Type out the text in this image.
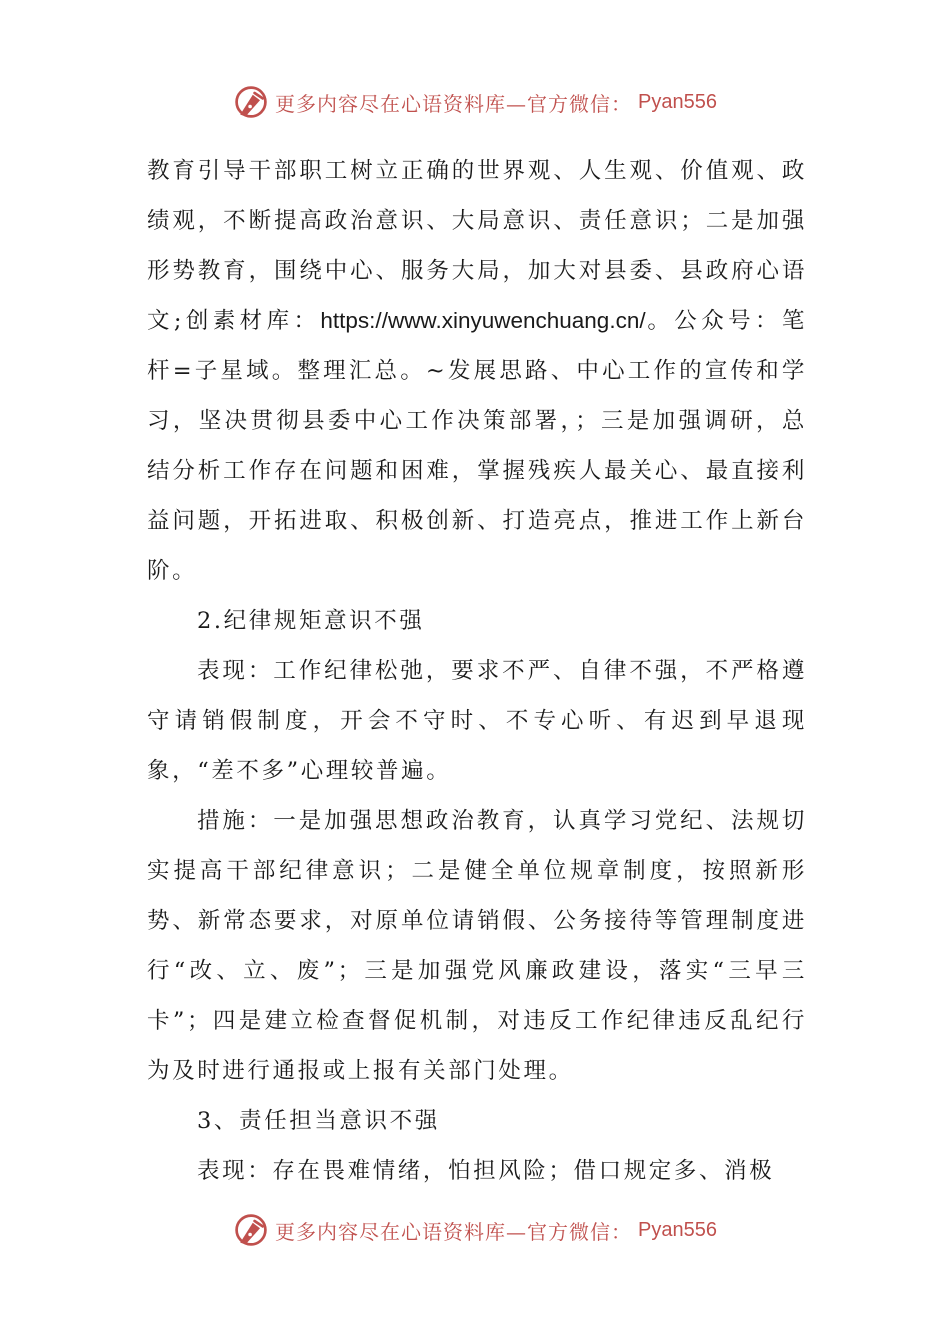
更多内容尽在心语资料库—官方微信： Pyan556

教育引导干部职工树立正确的世界观、人生观、价值观、政绩观，不断提高政治意识、大局意识、责任意识；二是加强形势教育，围绕中心、服务大局，加大对县委、县政府心语文;创素材库：https://www.xinyuwenchuang.cn/。公众号：笔杆=子星域。整理汇总。~发展思路、中心工作的宣传和学习，坚决贯彻县委中心工作决策部署，；三是加强调研，总结分析工作存在问题和困难，掌握残疾人最关心、最直接利益问题，开拓进取、积极创新、打造亮点，推进工作上新台阶。

2.纪律规矩意识不强

表现：工作纪律松弛，要求不严、自律不强，不严格遵守请销假制度，开会不守时、不专心听、有迟到早退现象，“差不多”心理较普遍。

措施：一是加强思想政治教育，认真学习党纪、法规切实提高干部纪律意识；二是健全单位规章制度，按照新形势、新常态要求，对原单位请销假、公务接待等管理制度进行“改、立、废”；三是加强党风廉政建设，落实“三早三卡”；四是建立检查督促机制，对违反工作纪律违反乱纪行为及时进行通报或上报有关部门处理。

3、责任担当意识不强

表现：存在畏难情绪，怕担风险；借口规定多、消极

更多内容尽在心语资料库—官方微信： Pyan556
